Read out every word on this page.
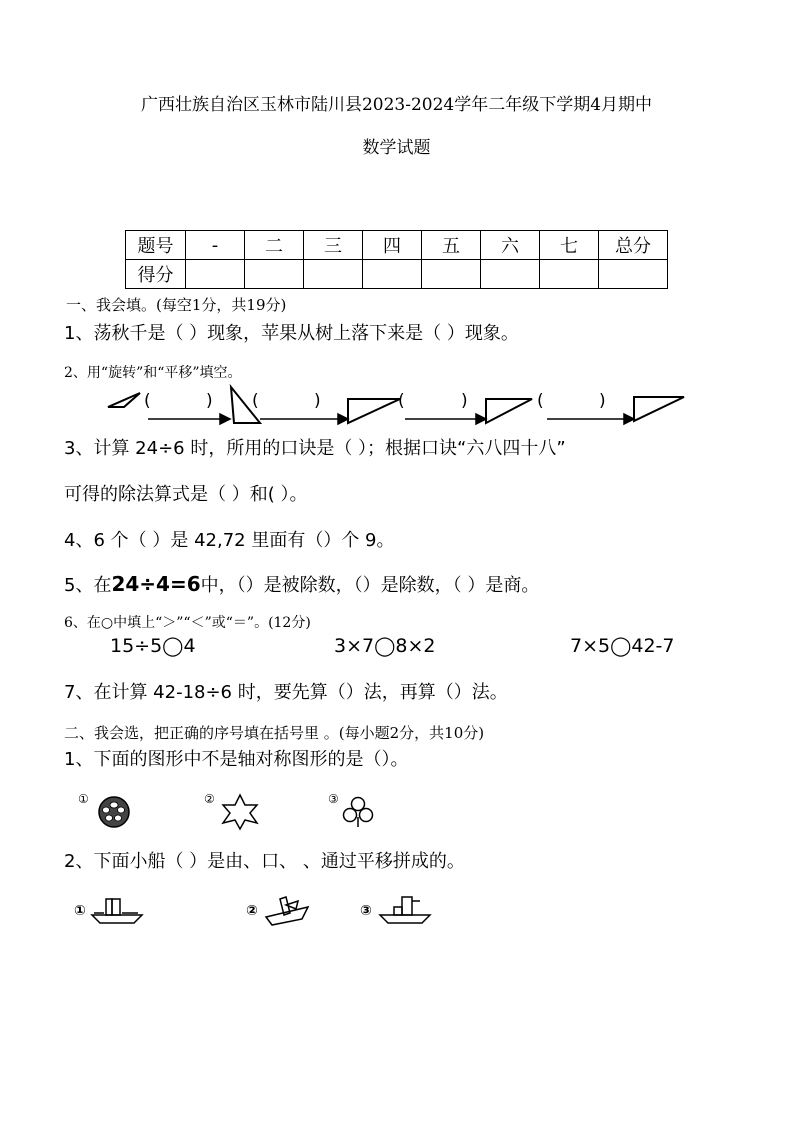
广西壮族自治区玉林市陆川县2023-2024学年二年级下学期4月期中
数学试题
题号	-	二	三	四	五	六	七	总分
得分								
一、我会填。(每空1分，共19分)
1、荡秋千是（ ）现象，苹果从树上落下来是（ ）现象。
2、用“旋转”和“平移”填空。
(	) (	)	(	)	(	)
3、计算 24÷6 时，所用的口诀是（ ）；根据口诀“六八四十八”
可得的除法算式是（ ）和( ）。
4、6 个（ ）是 42,72 里面有（）个 9。
5、在24÷4=6中，（）是被除数，（）是除数，（ ）是商。
6、在○中填上“＞”“＜”或“＝”。(12分)
15÷5◯4	3×7◯8×2	7×5◯42-7
7、在计算 42-18÷6 时，要先算（）法，再算（）法。
二、我会选，把正确的序号填在括号里 。(每小题2分，共10分)
1、下面的图形中不是轴对称图形的是（）。
①	②	③
2、下面小船（ ）是由、口、 、通过平移拼成的。
①	②	③
